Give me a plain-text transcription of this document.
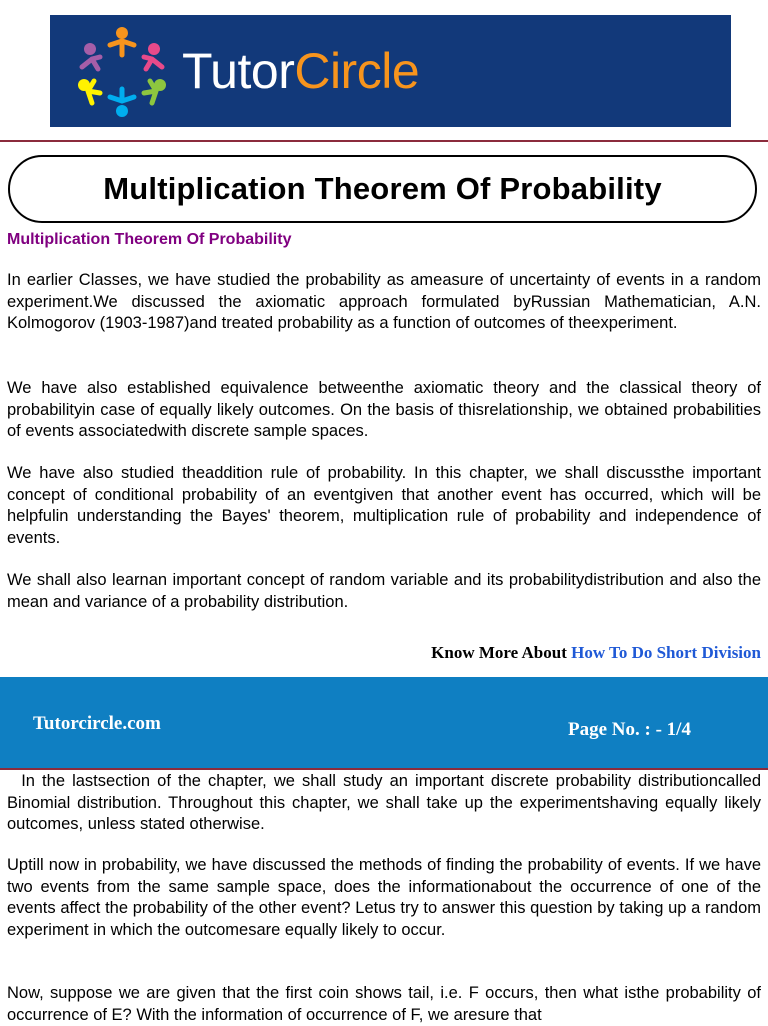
TutorCircle
Multiplication Theorem Of Probability
Multiplication Theorem Of Probability

In earlier Classes, we have studied the probability as ameasure of uncertainty of events in a random experiment.We discussed the axiomatic approach formulated byRussian Mathematician, A.N. Kolmogorov (1903-1987)and treated probability as a function of outcomes of theexperiment.

We have also established equivalence betweenthe axiomatic theory and the classical theory of probabilityin case of equally likely outcomes. On the basis of thisrelationship, we obtained probabilities of events associatedwith discrete sample spaces.

We have also studied theaddition rule of probability. In this chapter, we shall discussthe important concept of conditional probability of an eventgiven that another event has occurred, which will be helpfulin understanding the Bayes' theorem, multiplication rule of probability and independence of events.

We shall also learnan important concept of random variable and its probabilitydistribution and also the mean and variance of a probability distribution.

Know More About How To Do Short Division
Tutorcircle.com	Page No. : - 1/4

In the lastsection of the chapter, we shall study an important discrete probability distributioncalled Binomial distribution. Throughout this chapter, we shall take up the experimentshaving equally likely outcomes, unless stated otherwise.

Uptill now in probability, we have discussed the methods of finding the probability of events. If we have two events from the same sample space, does the informationabout the occurrence of one of the events affect the probability of the other event? Letus try to answer this question by taking up a random experiment in which the outcomesare equally likely to occur.

Now, suppose we are given that the first coin shows tail, i.e. F occurs, then what isthe probability of occurrence of E? With the information of occurrence of F, we aresure that
